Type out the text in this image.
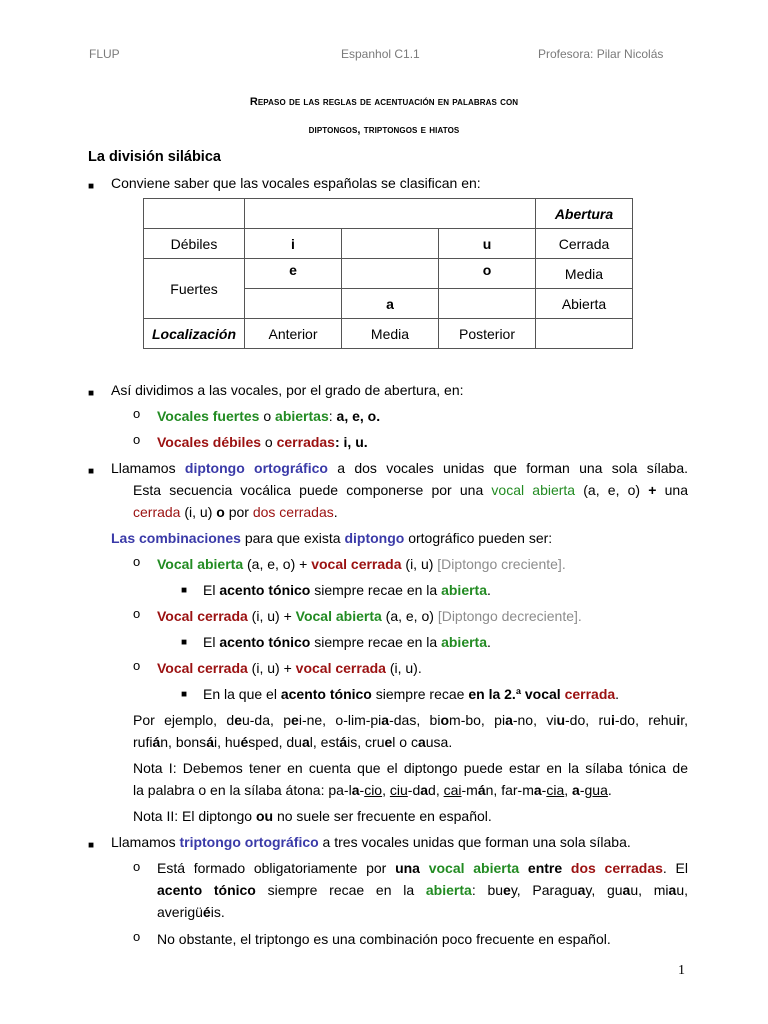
FLUP	Espanhol C1.1	Profesora: Pilar Nicolás
Repaso de las reglas de acentuación en palabras con
diptongos, triptongos e hiatos
La división silábica
■ Conviene saber que las vocales españolas se clasifican en:
				Abertura
Débiles	i		u	Cerrada
Fuertes	e		o	Media
		a		Abierta
Localización	Anterior	Media	Posterior	
■ Así dividimos a las vocales, por el grado de abertura, en:
o Vocales fuertes o abiertas: a, e, o.
o Vocales débiles o cerradas: i, u.
■ Llamamos diptongo ortográfico a dos vocales unidas que forman una sola sílaba.
Esta secuencia vocálica puede componerse por una vocal abierta (a, e, o) + una
cerrada (i, u) o por dos cerradas.
Las combinaciones para que exista diptongo ortográfico pueden ser:
o Vocal abierta (a, e, o) + vocal cerrada (i, u) [Diptongo creciente].
■ El acento tónico siempre recae en la abierta.
o Vocal cerrada (i, u) + Vocal abierta (a, e, o) [Diptongo decreciente].
■ El acento tónico siempre recae en la abierta.
o Vocal cerrada (i, u) + vocal cerrada (i, u).
■ En la que el acento tónico siempre recae en la 2.ª vocal cerrada.
Por ejemplo, deu-da, pei-ne, o-lim-pia-das, biom-bo, pia-no, viu-do, rui-do, rehuir,
rufián, bonsái, huésped, dual, estáis, cruel o causa.
Nota I: Debemos tener en cuenta que el diptongo puede estar en la sílaba tónica de
la palabra o en la sílaba átona: pa-la-cio, ciu-dad, cai-mán, far-ma-cia, a-gua.
Nota II: El diptongo ou no suele ser frecuente en español.
■ Llamamos triptongo ortográfico a tres vocales unidas que forman una sola sílaba.
o Está formado obligatoriamente por una vocal abierta entre dos cerradas. El
acento tónico siempre recae en la abierta: buey, Paraguay, guau, miau,
averigüéis.
o No obstante, el triptongo es una combinación poco frecuente en español.
1
